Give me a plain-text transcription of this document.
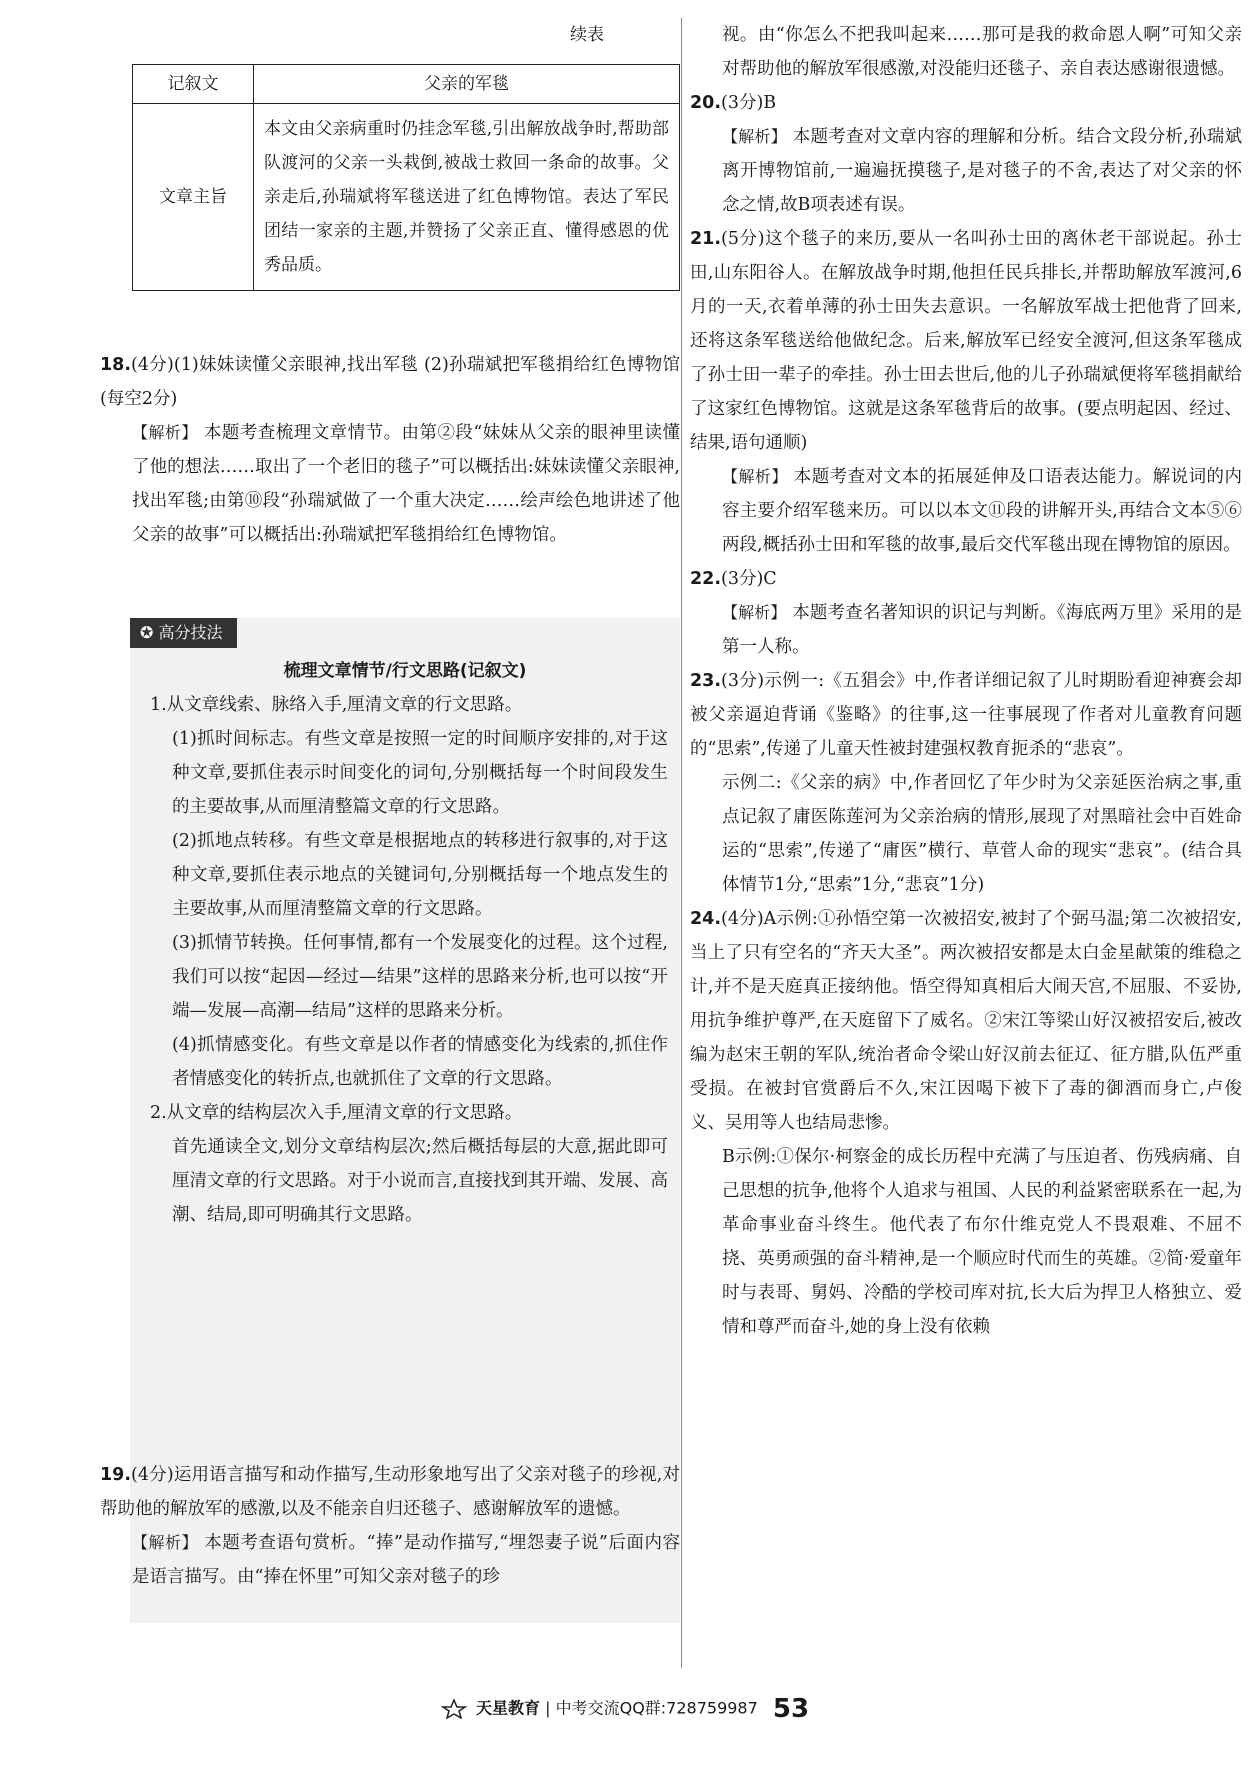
续表
记叙文	父亲的军毯
文章主旨	本文由父亲病重时仍挂念军毯,引出解放战争时,帮助部队渡河的父亲一头栽倒,被战士救回一条命的故事。父亲走后,孙瑞斌将军毯送进了红色博物馆。表达了军民团结一家亲的主题,并赞扬了父亲正直、懂得感恩的优秀品质。

18.(4分)(1)妹妹读懂父亲眼神,找出军毯 (2)孙瑞斌把军毯捐给红色博物馆(每空2分)

【解析】 本题考查梳理文章情节。由第②段“妹妹从父亲的眼神里读懂了他的想法……取出了一个老旧的毯子”可以概括出:妹妹读懂父亲眼神,找出军毯;由第⑩段“孙瑞斌做了一个重大决定……绘声绘色地讲述了他父亲的故事”可以概括出:孙瑞斌把军毯捐给红色博物馆。

✪ 高分技法
梳理文章情节/行文思路(记叙文)

1.从文章线索、脉络入手,厘清文章的行文思路。

(1)抓时间标志。有些文章是按照一定的时间顺序安排的,对于这种文章,要抓住表示时间变化的词句,分别概括每一个时间段发生的主要故事,从而厘清整篇文章的行文思路。

(2)抓地点转移。有些文章是根据地点的转移进行叙事的,对于这种文章,要抓住表示地点的关键词句,分别概括每一个地点发生的主要故事,从而厘清整篇文章的行文思路。

(3)抓情节转换。任何事情,都有一个发展变化的过程。这个过程,我们可以按“起因—经过—结果”这样的思路来分析,也可以按“开端—发展—高潮—结局”这样的思路来分析。

(4)抓情感变化。有些文章是以作者的情感变化为线索的,抓住作者情感变化的转折点,也就抓住了文章的行文思路。

2.从文章的结构层次入手,厘清文章的行文思路。

首先通读全文,划分文章结构层次;然后概括每层的大意,据此即可厘清文章的行文思路。对于小说而言,直接找到其开端、发展、高潮、结局,即可明确其行文思路。

19.(4分)运用语言描写和动作描写,生动形象地写出了父亲对毯子的珍视,对帮助他的解放军的感激,以及不能亲自归还毯子、感谢解放军的遗憾。

【解析】 本题考查语句赏析。“捧”是动作描写,“埋怨妻子说”后面内容是语言描写。由“捧在怀里”可知父亲对毯子的珍

视。由“你怎么不把我叫起来……那可是我的救命恩人啊”可知父亲对帮助他的解放军很感激,对没能归还毯子、亲自表达感谢很遗憾。

20.(3分)B

【解析】 本题考查对文章内容的理解和分析。结合文段分析,孙瑞斌离开博物馆前,一遍遍抚摸毯子,是对毯子的不舍,表达了对父亲的怀念之情,故B项表述有误。

21.(5分)这个毯子的来历,要从一名叫孙士田的离休老干部说起。孙士田,山东阳谷人。在解放战争时期,他担任民兵排长,并帮助解放军渡河,6月的一天,衣着单薄的孙士田失去意识。一名解放军战士把他背了回来,还将这条军毯送给他做纪念。后来,解放军已经安全渡河,但这条军毯成了孙士田一辈子的牵挂。孙士田去世后,他的儿子孙瑞斌便将军毯捐献给了这家红色博物馆。这就是这条军毯背后的故事。(要点明起因、经过、结果,语句通顺)

【解析】 本题考查对文本的拓展延伸及口语表达能力。解说词的内容主要介绍军毯来历。可以以本文⑪段的讲解开头,再结合文本⑤⑥两段,概括孙士田和军毯的故事,最后交代军毯出现在博物馆的原因。

22.(3分)C

【解析】 本题考查名著知识的识记与判断。《海底两万里》采用的是第一人称。

23.(3分)示例一:《五猖会》中,作者详细记叙了儿时期盼看迎神赛会却被父亲逼迫背诵《鉴略》的往事,这一往事展现了作者对儿童教育问题的“思索”,传递了儿童天性被封建强权教育扼杀的“悲哀”。

示例二:《父亲的病》中,作者回忆了年少时为父亲延医治病之事,重点记叙了庸医陈莲河为父亲治病的情形,展现了对黑暗社会中百姓命运的“思索”,传递了“庸医”横行、草菅人命的现实“悲哀”。(结合具体情节1分,“思索”1分,“悲哀”1分)

24.(4分)A示例:①孙悟空第一次被招安,被封了个弼马温;第二次被招安,当上了只有空名的“齐天大圣”。两次被招安都是太白金星献策的维稳之计,并不是天庭真正接纳他。悟空得知真相后大闹天宫,不屈服、不妥协,用抗争维护尊严,在天庭留下了威名。②宋江等梁山好汉被招安后,被改编为赵宋王朝的军队,统治者命令梁山好汉前去征辽、征方腊,队伍严重受损。在被封官赏爵后不久,宋江因喝下被下了毒的御酒而身亡,卢俊义、吴用等人也结局悲惨。

B示例:①保尔·柯察金的成长历程中充满了与压迫者、伤残病痛、自己思想的抗争,他将个人追求与祖国、人民的利益紧密联系在一起,为革命事业奋斗终生。他代表了布尔什维克党人不畏艰难、不屈不挠、英勇顽强的奋斗精神,是一个顺应时代而生的英雄。②简·爱童年时与表哥、舅妈、冷酷的学校司库对抗,长大后为捍卫人格独立、爱情和尊严而奋斗,她的身上没有依赖

天星教育 | 中考交流QQ群:728759987 53
